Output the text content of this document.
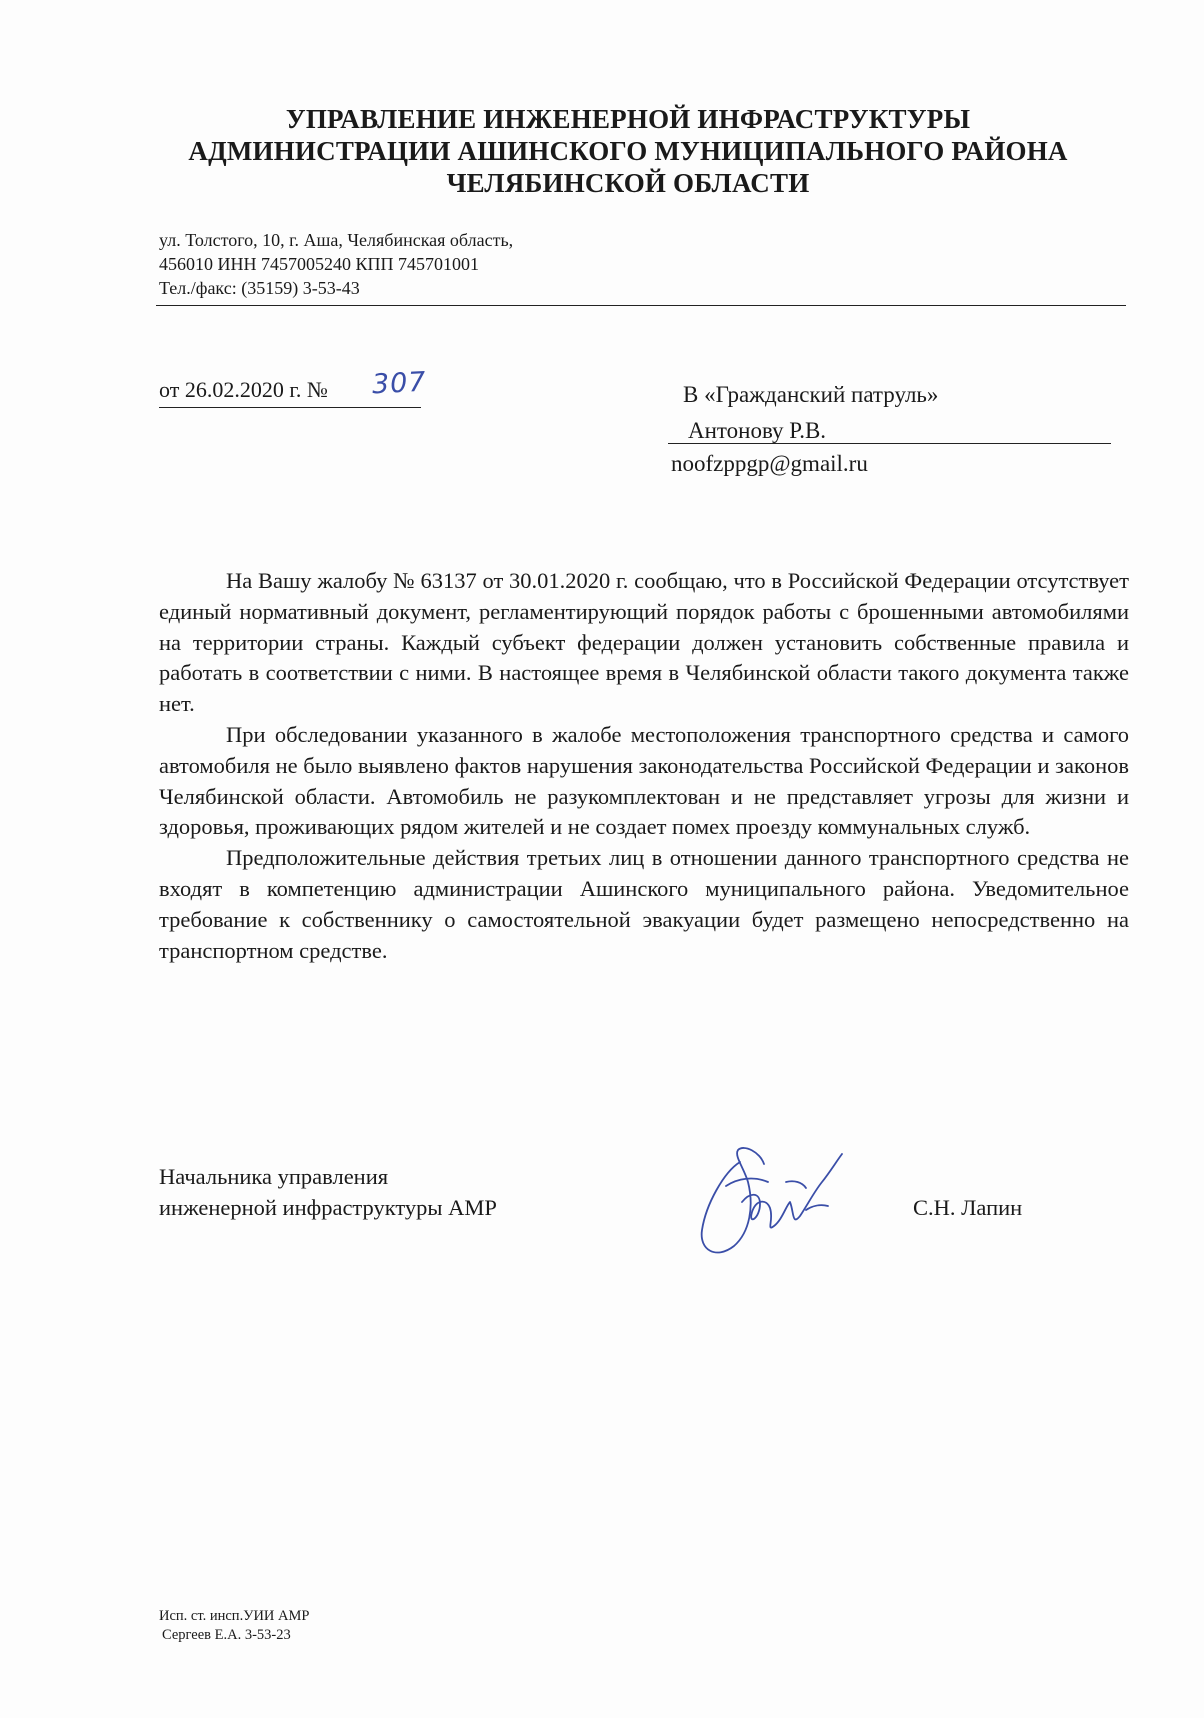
УПРАВЛЕНИЕ ИНЖЕНЕРНОЙ ИНФРАСТРУКТУРЫ
АДМИНИСТРАЦИИ АШИНСКОГО МУНИЦИПАЛЬНОГО РАЙОНА
ЧЕЛЯБИНСКОЙ ОБЛАСТИ
ул. Толстого, 10, г. Аша, Челябинская область,
456010 ИНН 7457005240 КПП 745701001
Тел./факс: (35159) 3-53-43
от 26.02.2020 г. № 307	В «Гражданский патруль»
Антонову Р.В.
noofzppgp@gmail.ru

На Вашу жалобу № 63137 от 30.01.2020 г. сообщаю, что в Российской Федерации отсутствует единый нормативный документ, регламентирующий порядок работы с брошенными автомобилями на территории страны. Каждый субъект федерации должен установить собственные правила и работать в соответствии с ними. В настоящее время в Челябинской области такого документа также нет.

При обследовании указанного в жалобе местоположения транспортного средства и самого автомобиля не было выявлено фактов нарушения законодательства Российской Федерации и законов Челябинской области. Автомобиль не разукомплектован и не представляет угрозы для жизни и здоровья, проживающих рядом жителей и не создает помех проезду коммунальных служб.

Предположительные действия третьих лиц в отношении данного транспортного средства не входят в компетенцию администрации Ашинского муниципального района. Уведомительное требование к собственнику о самостоятельной эвакуации будет размещено непосредственно на транспортном средстве.

Начальника управления
инженерной инфраструктуры АМР	С.Н. Лапин
Исп. ст. инсп.УИИ АМР
Сергеев Е.А. 3-53-23
